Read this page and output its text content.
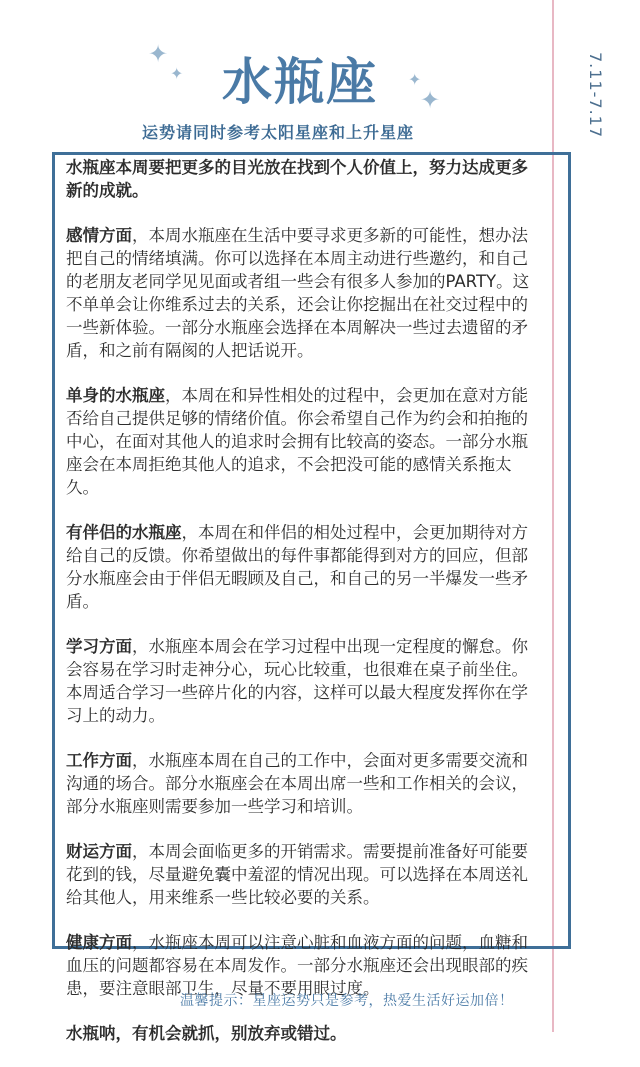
7.11-7.17
✦
✦	✦
✦
水瓶座
运势请同时参考太阳星座和上升星座

水瓶座本周要把更多的目光放在找到个人价值上，努力达成更多新的成就。

感情方面，本周水瓶座在生活中要寻求更多新的可能性，想办法把自己的情绪填满。你可以选择在本周主动进行些邀约，和自己的老朋友老同学见见面或者组一些会有很多人参加的PARTY。这不单单会让你维系过去的关系，还会让你挖掘出在社交过程中的一些新体验。一部分水瓶座会选择在本周解决一些过去遗留的矛盾，和之前有隔阂的人把话说开。

单身的水瓶座，本周在和异性相处的过程中，会更加在意对方能否给自己提供足够的情绪价值。你会希望自己作为约会和拍拖的中心，在面对其他人的追求时会拥有比较高的姿态。一部分水瓶座会在本周拒绝其他人的追求，不会把没可能的感情关系拖太久。

有伴侣的水瓶座，本周在和伴侣的相处过程中，会更加期待对方给自己的反馈。你希望做出的每件事都能得到对方的回应，但部分水瓶座会由于伴侣无暇顾及自己，和自己的另一半爆发一些矛盾。

学习方面，水瓶座本周会在学习过程中出现一定程度的懈怠。你会容易在学习时走神分心，玩心比较重，也很难在桌子前坐住。本周适合学习一些碎片化的内容，这样可以最大程度发挥你在学习上的动力。

工作方面，水瓶座本周在自己的工作中，会面对更多需要交流和沟通的场合。部分水瓶座会在本周出席一些和工作相关的会议，部分水瓶座则需要参加一些学习和培训。

财运方面，本周会面临更多的开销需求。需要提前准备好可能要花到的钱，尽量避免囊中羞涩的情况出现。可以选择在本周送礼给其他人，用来维系一些比较必要的关系。

健康方面，水瓶座本周可以注意心脏和血液方面的问题，血糖和血压的问题都容易在本周发作。一部分水瓶座还会出现眼部的疾患，要注意眼部卫生，尽量不要用眼过度。

水瓶呐，有机会就抓，别放弃或错过。

温馨提示：星座运势只是参考，热爱生活好运加倍！
